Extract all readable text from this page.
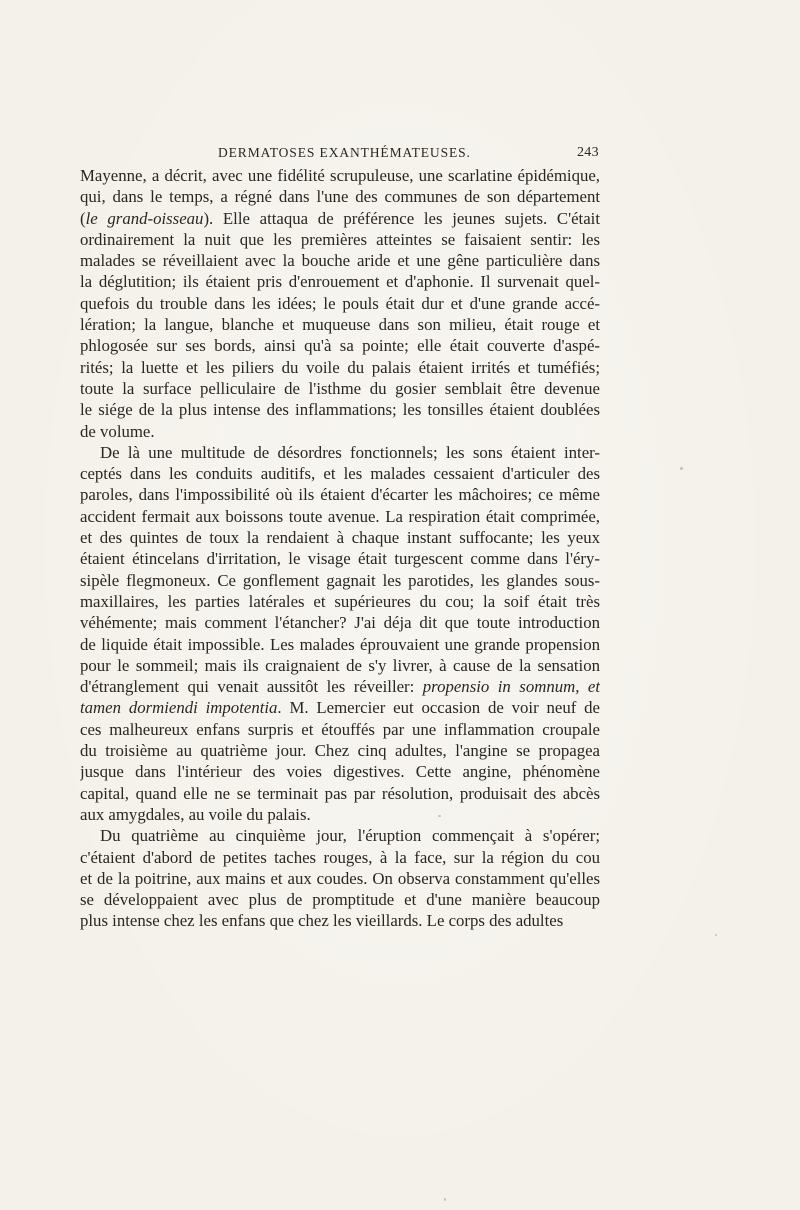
DERMATOSES EXANTHÉMATEUSES.	243
Mayenne, a décrit, avec une fidélité scrupuleuse, une scarlatine épidémique,
qui, dans le temps, a régné dans l'une des communes de son département
(le grand-oisseau). Elle attaqua de préférence les jeunes sujets. C'était
ordinairement la nuit que les premières atteintes se faisaient sentir: les
malades se réveillaient avec la bouche aride et une gêne particulière dans
la déglutition; ils étaient pris d'enrouement et d'aphonie. Il survenait quel-
quefois du trouble dans les idées; le pouls était dur et d'une grande accé-
lération; la langue, blanche et muqueuse dans son milieu, était rouge et
phlogosée sur ses bords, ainsi qu'à sa pointe; elle était couverte d'aspé-
rités; la luette et les piliers du voile du palais étaient irrités et tuméfiés;
toute la surface pelliculaire de l'isthme du gosier semblait être devenue
le siége de la plus intense des inflammations; les tonsilles étaient doublées
de volume.
De là une multitude de désordres fonctionnels; les sons étaient inter-
ceptés dans les conduits auditifs, et les malades cessaient d'articuler des
paroles, dans l'impossibilité où ils étaient d'écarter les mâchoires; ce même
accident fermait aux boissons toute avenue. La respiration était comprimée,
et des quintes de toux la rendaient à chaque instant suffocante; les yeux
étaient étincelans d'irritation, le visage était turgescent comme dans l'éry-
sipèle flegmoneux. Ce gonflement gagnait les parotides, les glandes sous-
maxillaires, les parties latérales et supérieures du cou; la soif était très
véhémente; mais comment l'étancher? J'ai déja dit que toute introduction
de liquide était impossible. Les malades éprouvaient une grande propension
pour le sommeil; mais ils craignaient de s'y livrer, à cause de la sensation
d'étranglement qui venait aussitôt les réveiller: propensio in somnum, et
tamen dormiendi impotentia. M. Lemercier eut occasion de voir neuf de
ces malheureux enfans surpris et étouffés par une inflammation croupale
du troisième au quatrième jour. Chez cinq adultes, l'angine se propagea
jusque dans l'intérieur des voies digestives. Cette angine, phénomène
capital, quand elle ne se terminait pas par résolution, produisait des abcès
aux amygdales, au voile du palais.
Du quatrième au cinquième jour, l'éruption commençait à s'opérer;
c'étaient d'abord de petites taches rouges, à la face, sur la région du cou
et de la poitrine, aux mains et aux coudes. On observa constamment qu'elles
se développaient avec plus de promptitude et d'une manière beaucoup
plus intense chez les enfans que chez les vieillards. Le corps des adultes
